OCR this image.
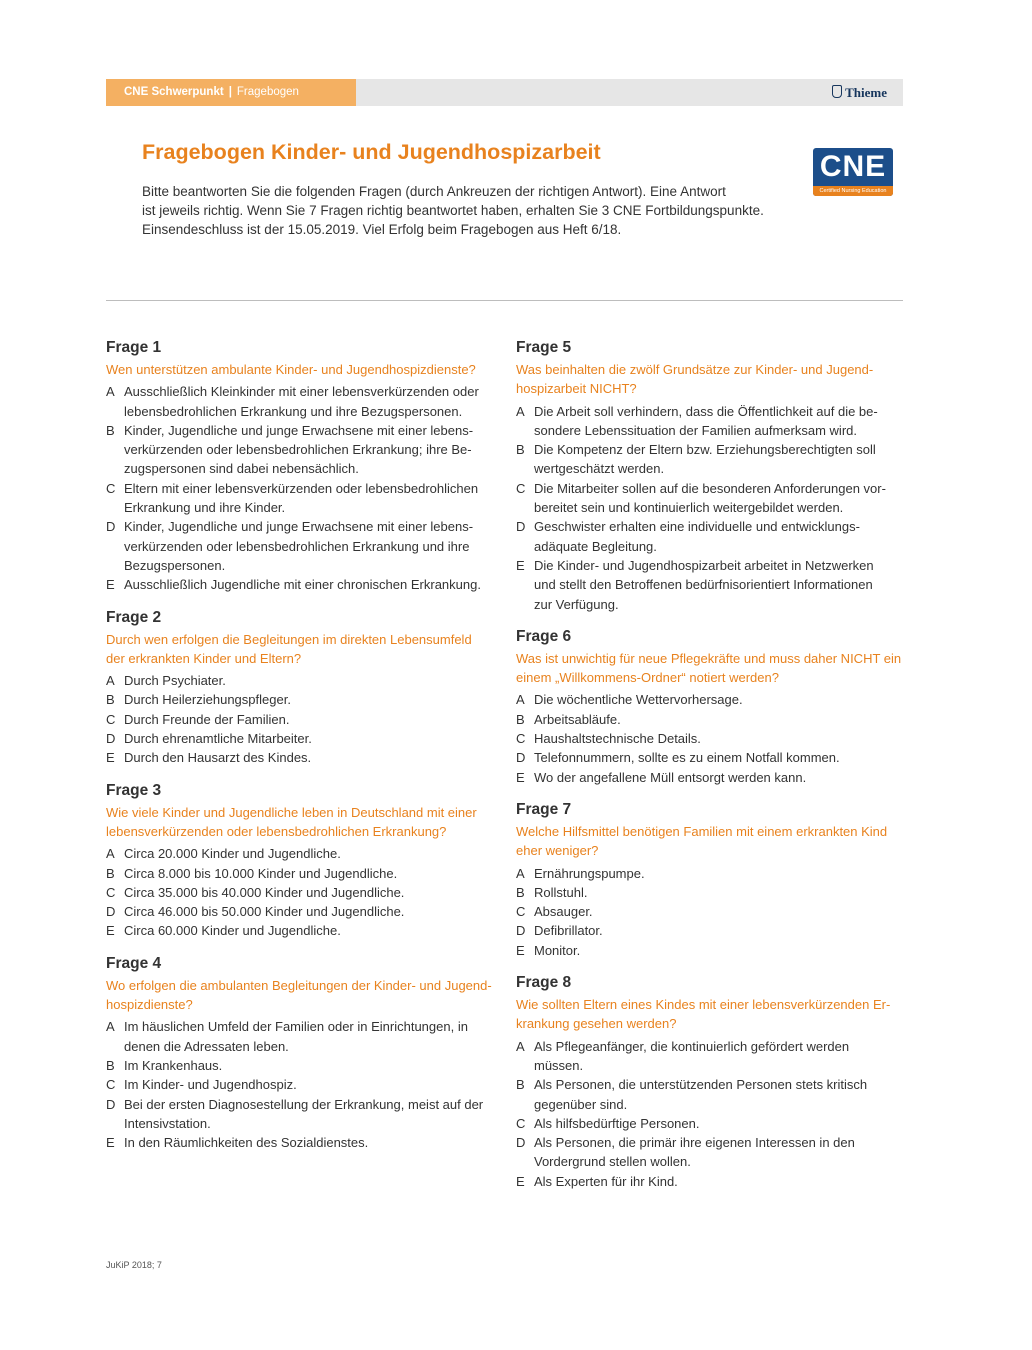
CNE Schwerpunkt | Fragebogen	Thieme
Fragebogen Kinder- und Jugendhospizarbeit
Bitte beantworten Sie die folgenden Fragen (durch Ankreuzen der richtigen Antwort). Eine Antwort
ist jeweils richtig. Wenn Sie 7 Fragen richtig beantwortet haben, erhalten Sie 3 CNE Fortbildungspunkte.
Einsendeschluss ist der 15.05.2019. Viel Erfolg beim Fragebogen aus Heft 6/18.
CNE
Certified Nursing Education
Frage 1
Wen unterstützen ambulante Kinder- und Jugendhospizdienste?
A Ausschließlich Kleinkinder mit einer lebensverkürzenden oder
lebensbedrohlichen Erkrankung und ihre Bezugspersonen.
B Kinder, Jugendliche und junge Erwachsene mit einer lebens-
verkürzenden oder lebensbedrohlichen Erkrankung; ihre Be-
zugspersonen sind dabei nebensächlich.
C Eltern mit einer lebensverkürzenden oder lebensbedrohlichen
Erkrankung und ihre Kinder.
D Kinder, Jugendliche und junge Erwachsene mit einer lebens-
verkürzenden oder lebensbedrohlichen Erkrankung und ihre
Bezugspersonen.
E Ausschließlich Jugendliche mit einer chronischen Erkrankung.
Frage 2
Durch wen erfolgen die Begleitungen im direkten Lebensumfeld
der erkrankten Kinder und Eltern?
A Durch Psychiater.
B Durch Heilerziehungspfleger.
C Durch Freunde der Familien.
D Durch ehrenamtliche Mitarbeiter.
E Durch den Hausarzt des Kindes.
Frage 3
Wie viele Kinder und Jugendliche leben in Deutschland mit einer
lebensverkürzenden oder lebensbedrohlichen Erkrankung?
A Circa 20.000 Kinder und Jugendliche.
B Circa 8.000 bis 10.000 Kinder und Jugendliche.
C Circa 35.000 bis 40.000 Kinder und Jugendliche.
D Circa 46.000 bis 50.000 Kinder und Jugendliche.
E Circa 60.000 Kinder und Jugendliche.
Frage 4
Wo erfolgen die ambulanten Begleitungen der Kinder- und Jugend-
hospizdienste?
A Im häuslichen Umfeld der Familien oder in Einrichtungen, in
denen die Adressaten leben.
B Im Krankenhaus.
C Im Kinder- und Jugendhospiz.
D Bei der ersten Diagnosestellung der Erkrankung, meist auf der
Intensivstation.
E In den Räumlichkeiten des Sozialdienstes.
Frage 5
Was beinhalten die zwölf Grundsätze zur Kinder- und Jugend-
hospizarbeit NICHT?
A Die Arbeit soll verhindern, dass die Öffentlichkeit auf die be-
sondere Lebenssituation der Familien aufmerksam wird.
B Die Kompetenz der Eltern bzw. Erziehungsberechtigten soll
wertgeschätzt werden.
C Die Mitarbeiter sollen auf die besonderen Anforderungen vor-
bereitet sein und kontinuierlich weitergebildet werden.
D Geschwister erhalten eine individuelle und entwicklungs-
adäquate Begleitung.
E Die Kinder- und Jugendhospizarbeit arbeitet in Netzwerken
und stellt den Betroffenen bedürfnisorientiert Informationen
zur Verfügung.
Frage 6
Was ist unwichtig für neue Pflegekräfte und muss daher NICHT ein
einem „Willkommens-Ordner“ notiert werden?
A Die wöchentliche Wettervorhersage.
B Arbeitsabläufe.
C Haushaltstechnische Details.
D Telefonnummern, sollte es zu einem Notfall kommen.
E Wo der angefallene Müll entsorgt werden kann.
Frage 7
Welche Hilfsmittel benötigen Familien mit einem erkrankten Kind
eher weniger?
A Ernährungspumpe.
B Rollstuhl.
C Absauger.
D Defibrillator.
E Monitor.
Frage 8
Wie sollten Eltern eines Kindes mit einer lebensverkürzenden Er-
krankung gesehen werden?
A Als Pflegeanfänger, die kontinuierlich gefördert werden
müssen.
B Als Personen, die unterstützenden Personen stets kritisch
gegenüber sind.
C Als hilfsbedürftige Personen.
D Als Personen, die primär ihre eigenen Interessen in den
Vordergrund stellen wollen.
E Als Experten für ihr Kind.
JuKiP 2018; 7
